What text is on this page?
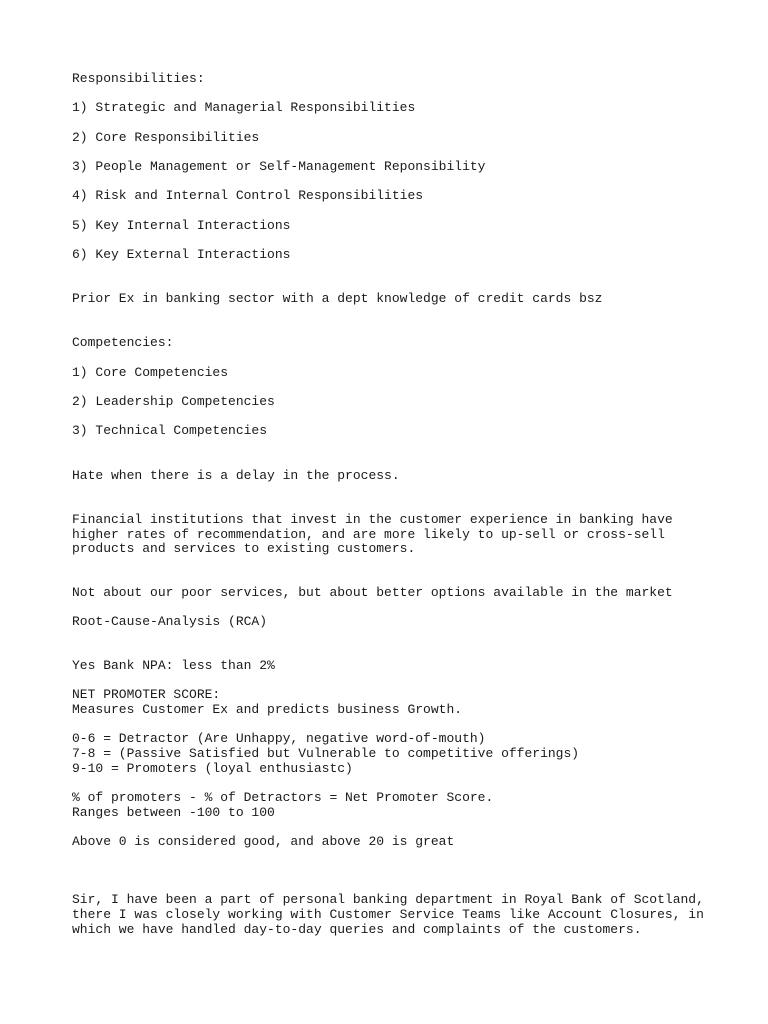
Responsibilities:
1) Strategic and Managerial Responsibilities
2) Core Responsibilities
3) People Management or Self-Management Reponsibility
4) Risk and Internal Control Responsibilities
5) Key Internal Interactions
6) Key External Interactions
Prior Ex in banking sector with a dept knowledge of credit cards bsz
Competencies:
1) Core Competencies
2) Leadership Competencies
3) Technical Competencies
Hate when there is a delay in the process.
Financial institutions that invest in the customer experience in banking have
higher rates of recommendation, and are more likely to up-sell or cross-sell
products and services to existing customers.
Not about our poor services, but about better options available in the market
Root-Cause-Analysis (RCA)
Yes Bank NPA: less than 2%
NET PROMOTER SCORE:
Measures Customer Ex and predicts business Growth.
0-6 = Detractor (Are Unhappy, negative word-of-mouth)
7-8 = (Passive Satisfied but Vulnerable to competitive offerings)
9-10 = Promoters (loyal enthusiastc)
% of promoters - % of Detractors = Net Promoter Score.
Ranges between -100 to 100
Above 0 is considered good, and above 20 is great
Sir, I have been a part of personal banking department in Royal Bank of Scotland,
there I was closely working with Customer Service Teams like Account Closures, in
which we have handled day-to-day queries and complaints of the customers.
